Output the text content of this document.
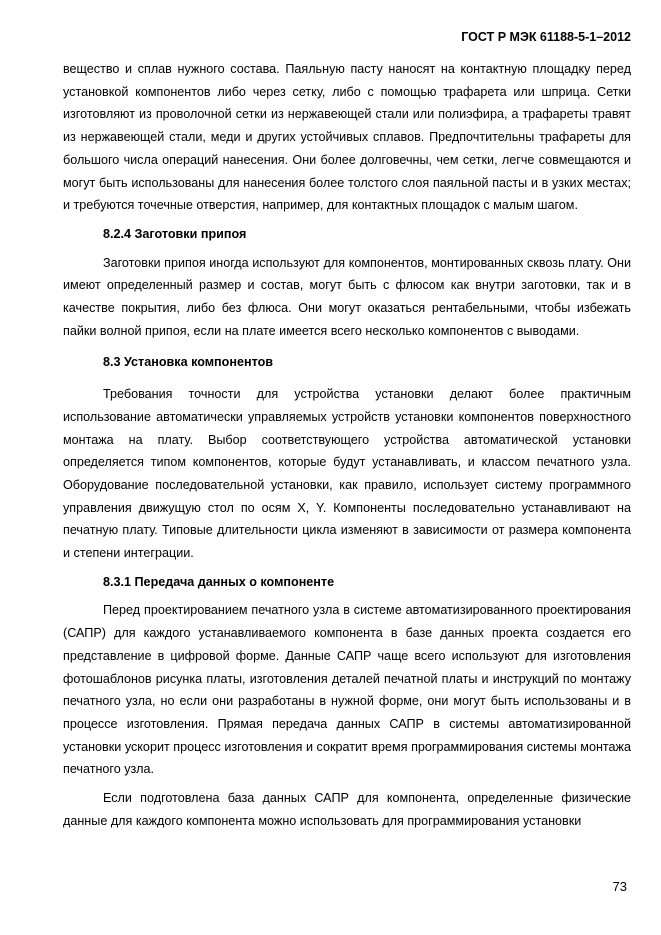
ГОСТ Р МЭК 61188-5-1–2012

вещество и сплав нужного состава. Паяльную пасту наносят на контактную площадку перед установкой компонентов либо через сетку, либо с помощью трафарета или шприца. Сетки изготовляют из проволочной сетки из нержавеющей стали или полиэфира, а трафареты травят из нержавеющей стали, меди и других устойчивых сплавов. Предпочтительны трафареты для большого числа операций нанесения. Они более долговечны, чем сетки, легче совмещаются и могут быть использованы для нанесения более толстого слоя паяльной пасты и в узких местах; и требуются точечные отверстия, например, для контактных площадок с малым шагом.

8.2.4 Заготовки припоя

Заготовки припоя иногда используют для компонентов, монтированных сквозь плату. Они имеют определенный размер и состав, могут быть с флюсом как внутри заготовки, так и в качестве покрытия, либо без флюса. Они могут оказаться рентабельными, чтобы избежать пайки волной припоя, если на плате имеется всего несколько компонентов с выводами.

8.3 Установка компонентов

Требования точности для устройства установки делают более практичным использование автоматически управляемых устройств установки компонентов поверхностного монтажа на плату. Выбор соответствующего устройства автоматической установки определяется типом компонентов, которые будут устанавливать, и классом печатного узла. Оборудование последовательной установки, как правило, использует систему программного управления движущую стол по осям X, Y. Компоненты последовательно устанавливают на печатную плату. Типовые длительности цикла изменяют в зависимости от размера компонента и степени интеграции.

8.3.1 Передача данных о компоненте

Перед проектированием печатного узла в системе автоматизированного проектирования (САПР) для каждого устанавливаемого компонента в базе данных проекта создается его представление в цифровой форме. Данные САПР чаще всего используют для изготовления фотошаблонов рисунка платы, изготовления деталей печатной платы и инструкций по монтажу печатного узла, но если они разработаны в нужной форме, они могут быть использованы и в процессе изготовления. Прямая передача данных САПР в системы автоматизированной установки ускорит процесс изготовления и сократит время программирования системы монтажа печатного узла.

Если подготовлена база данных САПР для компонента, определенные физические данные для каждого компонента можно использовать для программирования установки

73
